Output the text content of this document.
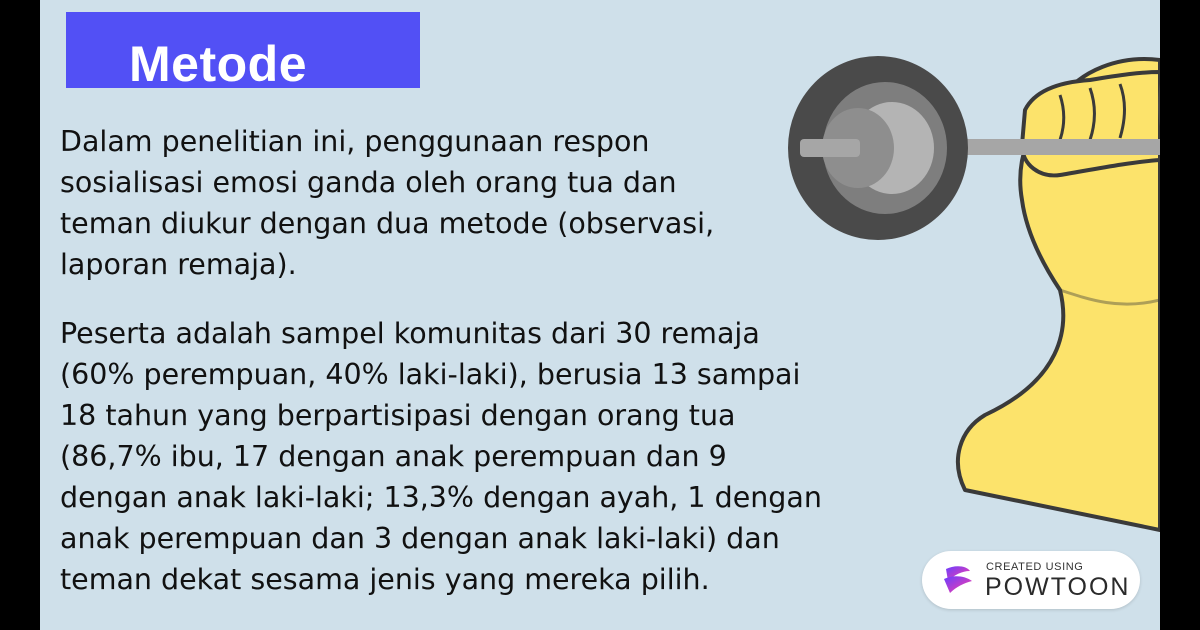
Metode
Dalam penelitian ini, penggunaan respon
sosialisasi emosi ganda oleh orang tua dan
teman diukur dengan dua metode (observasi,
laporan remaja).
Peserta adalah sampel komunitas dari 30 remaja
(60% perempuan, 40% laki-laki), berusia 13 sampai
18 tahun yang berpartisipasi dengan orang tua
(86,7% ibu, 17 dengan anak perempuan dan 9
dengan anak laki-laki; 13,3% dengan ayah, 1 dengan
anak perempuan dan 3 dengan anak laki-laki) dan
teman dekat sesama jenis yang mereka pilih.	CREATED USING
POWTOON
